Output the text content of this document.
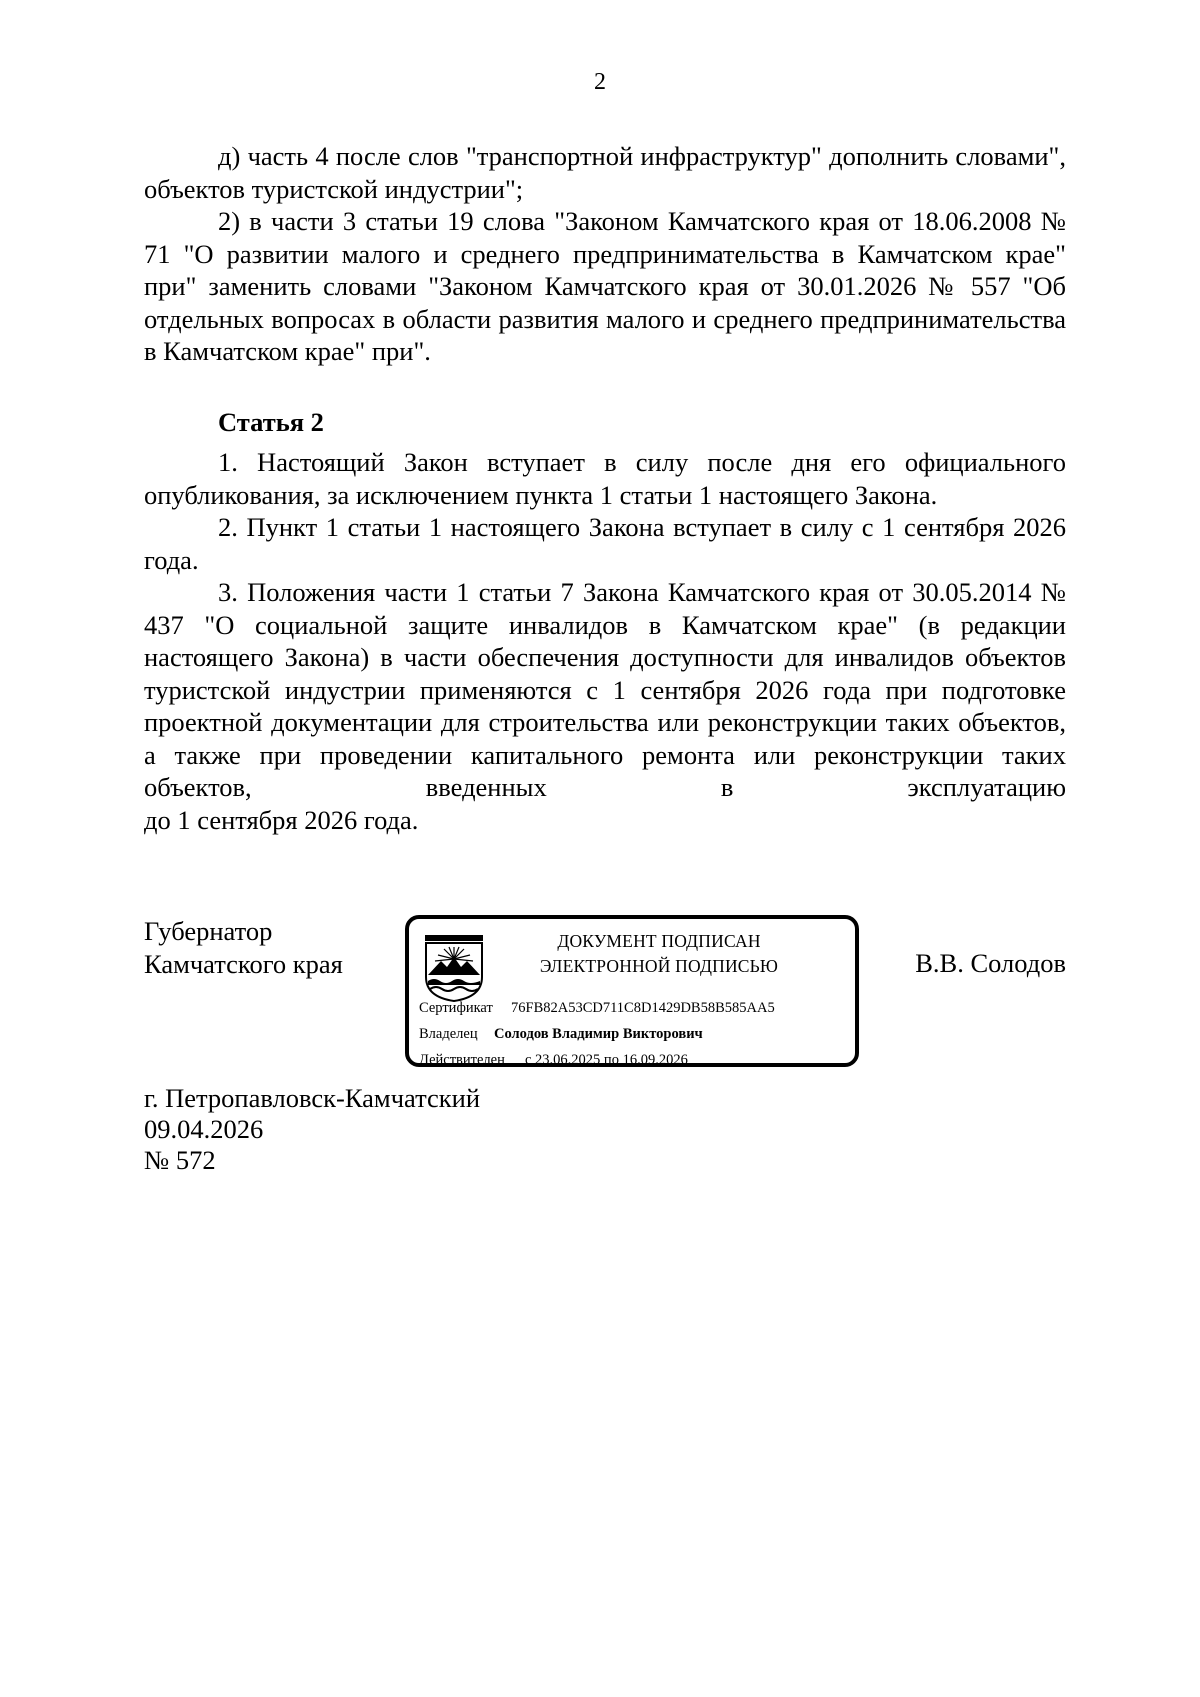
2

д) часть 4 после слов "транспортной инфраструктур" дополнить словами", объектов туристской индустрии";

2) в части 3 статьи 19 слова "Законом Камчатского края от 18.06.2008 № 71 "О развитии малого и среднего предпринимательства в Камчатском крае" при" заменить словами "Законом Камчатского края от 30.01.2026 № 557 "Об отдельных вопросах в области развития малого и среднего предпринимательства в Камчатском крае" при".

Статья 2

1. Настоящий Закон вступает в силу после дня его официального опубликования, за исключением пункта 1 статьи 1 настоящего Закона.

2. Пункт 1 статьи 1 настоящего Закона вступает в силу с 1 сентября 2026 года.

3. Положения части 1 статьи 7 Закона Камчатского края от 30.05.2014 № 437 "О социальной защите инвалидов в Камчатском крае" (в редакции настоящего Закона) в части обеспечения доступности для инвалидов объектов туристской индустрии применяются с 1 сентября 2026 года при подготовке проектной документации для строительства или реконструкции таких объектов, а также при проведении капитального ремонта или реконструкции таких объектов, введенных в эксплуатацию

до 1 сентября 2026 года.

Губернатор
Камчатского края
ДОКУМЕНТ ПОДПИСАН
ЭЛЕКТРОННОЙ ПОДПИСЬЮ
Сертификат 76FB82A53CD711C8D1429DB58B585AA5
Владелец Солодов Владимир Викторович
Действителен с 23.06.2025 по 16.09.2026
В.В. Солодов
г. Петропавловск-Камчатский
09.04.2026
№ 572
